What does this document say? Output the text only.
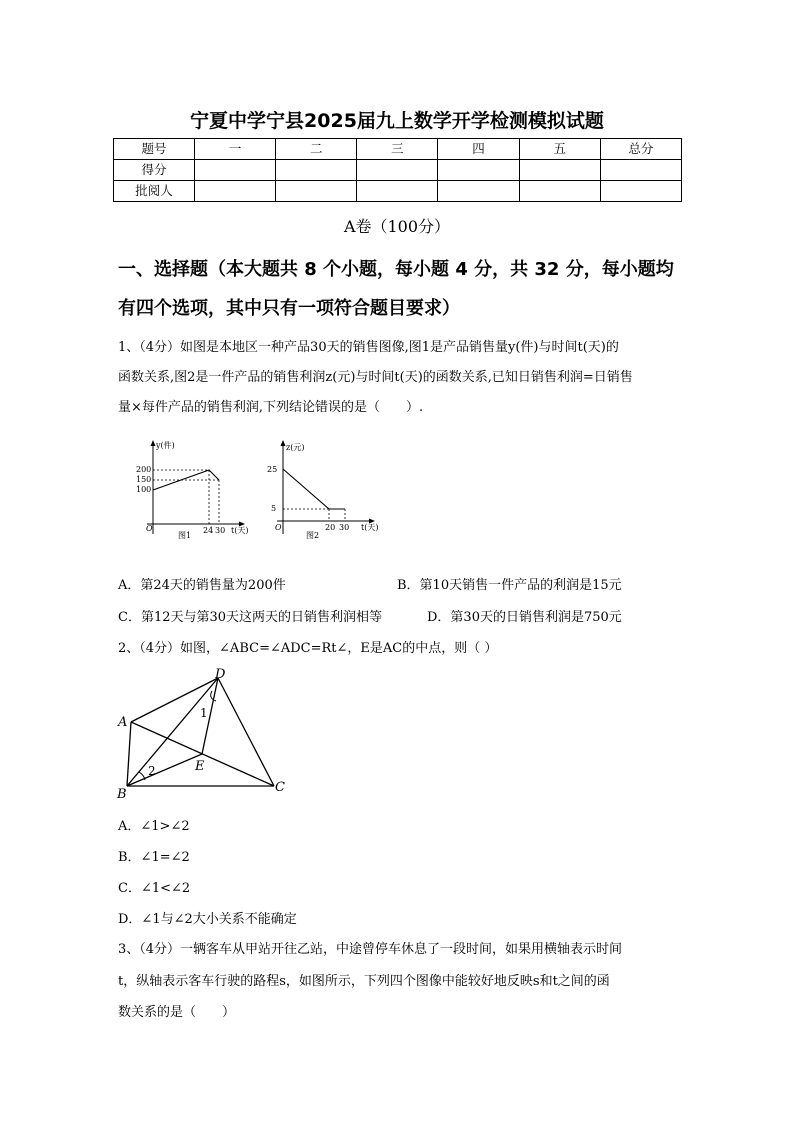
宁夏中学宁县2025届九上数学开学检测模拟试题
题号	一	二	三	四	五	总分
得分						
批阅人						
A卷（100分）
一、选择题（本大题共 8 个小题，每小题 4 分，共 32 分，每小题均
有四个选项，其中只有一项符合题目要求）
1、（4分）如图是本地区一种产品30天的销售图像,图1是产品销售量y(件)与时间t(天)的
函数关系,图2是一件产品的销售利润z(元)与时间t(天)的函数关系,已知日销售利润=日销售
量×每件产品的销售利润,下列结论错误的是（　　）.
y(件)
t(天)
O
200
150
100
24 30
图1
z(元)
t(天)
O
25
5
20 30
图2
A．第24天的销售量为200件	B．第10天销售一件产品的利润是15元
C．第12天与第30天这两天的日销售利润相等	D．第30天的日销售利润是750元
2、（4分）如图，∠ABC=∠ADC=Rt∠，E是AC的中点，则（ ）
A
B	C
D
E
1
2
A．∠1>∠2
B．∠1=∠2
C．∠1<∠2
D．∠1与∠2大小关系不能确定
3、（4分）一辆客车从甲站开往乙站，中途曾停车休息了一段时间，如果用横轴表示时间
t，纵轴表示客车行驶的路程s，如图所示，下列四个图像中能较好地反映s和t之间的函
数关系的是（　　）
